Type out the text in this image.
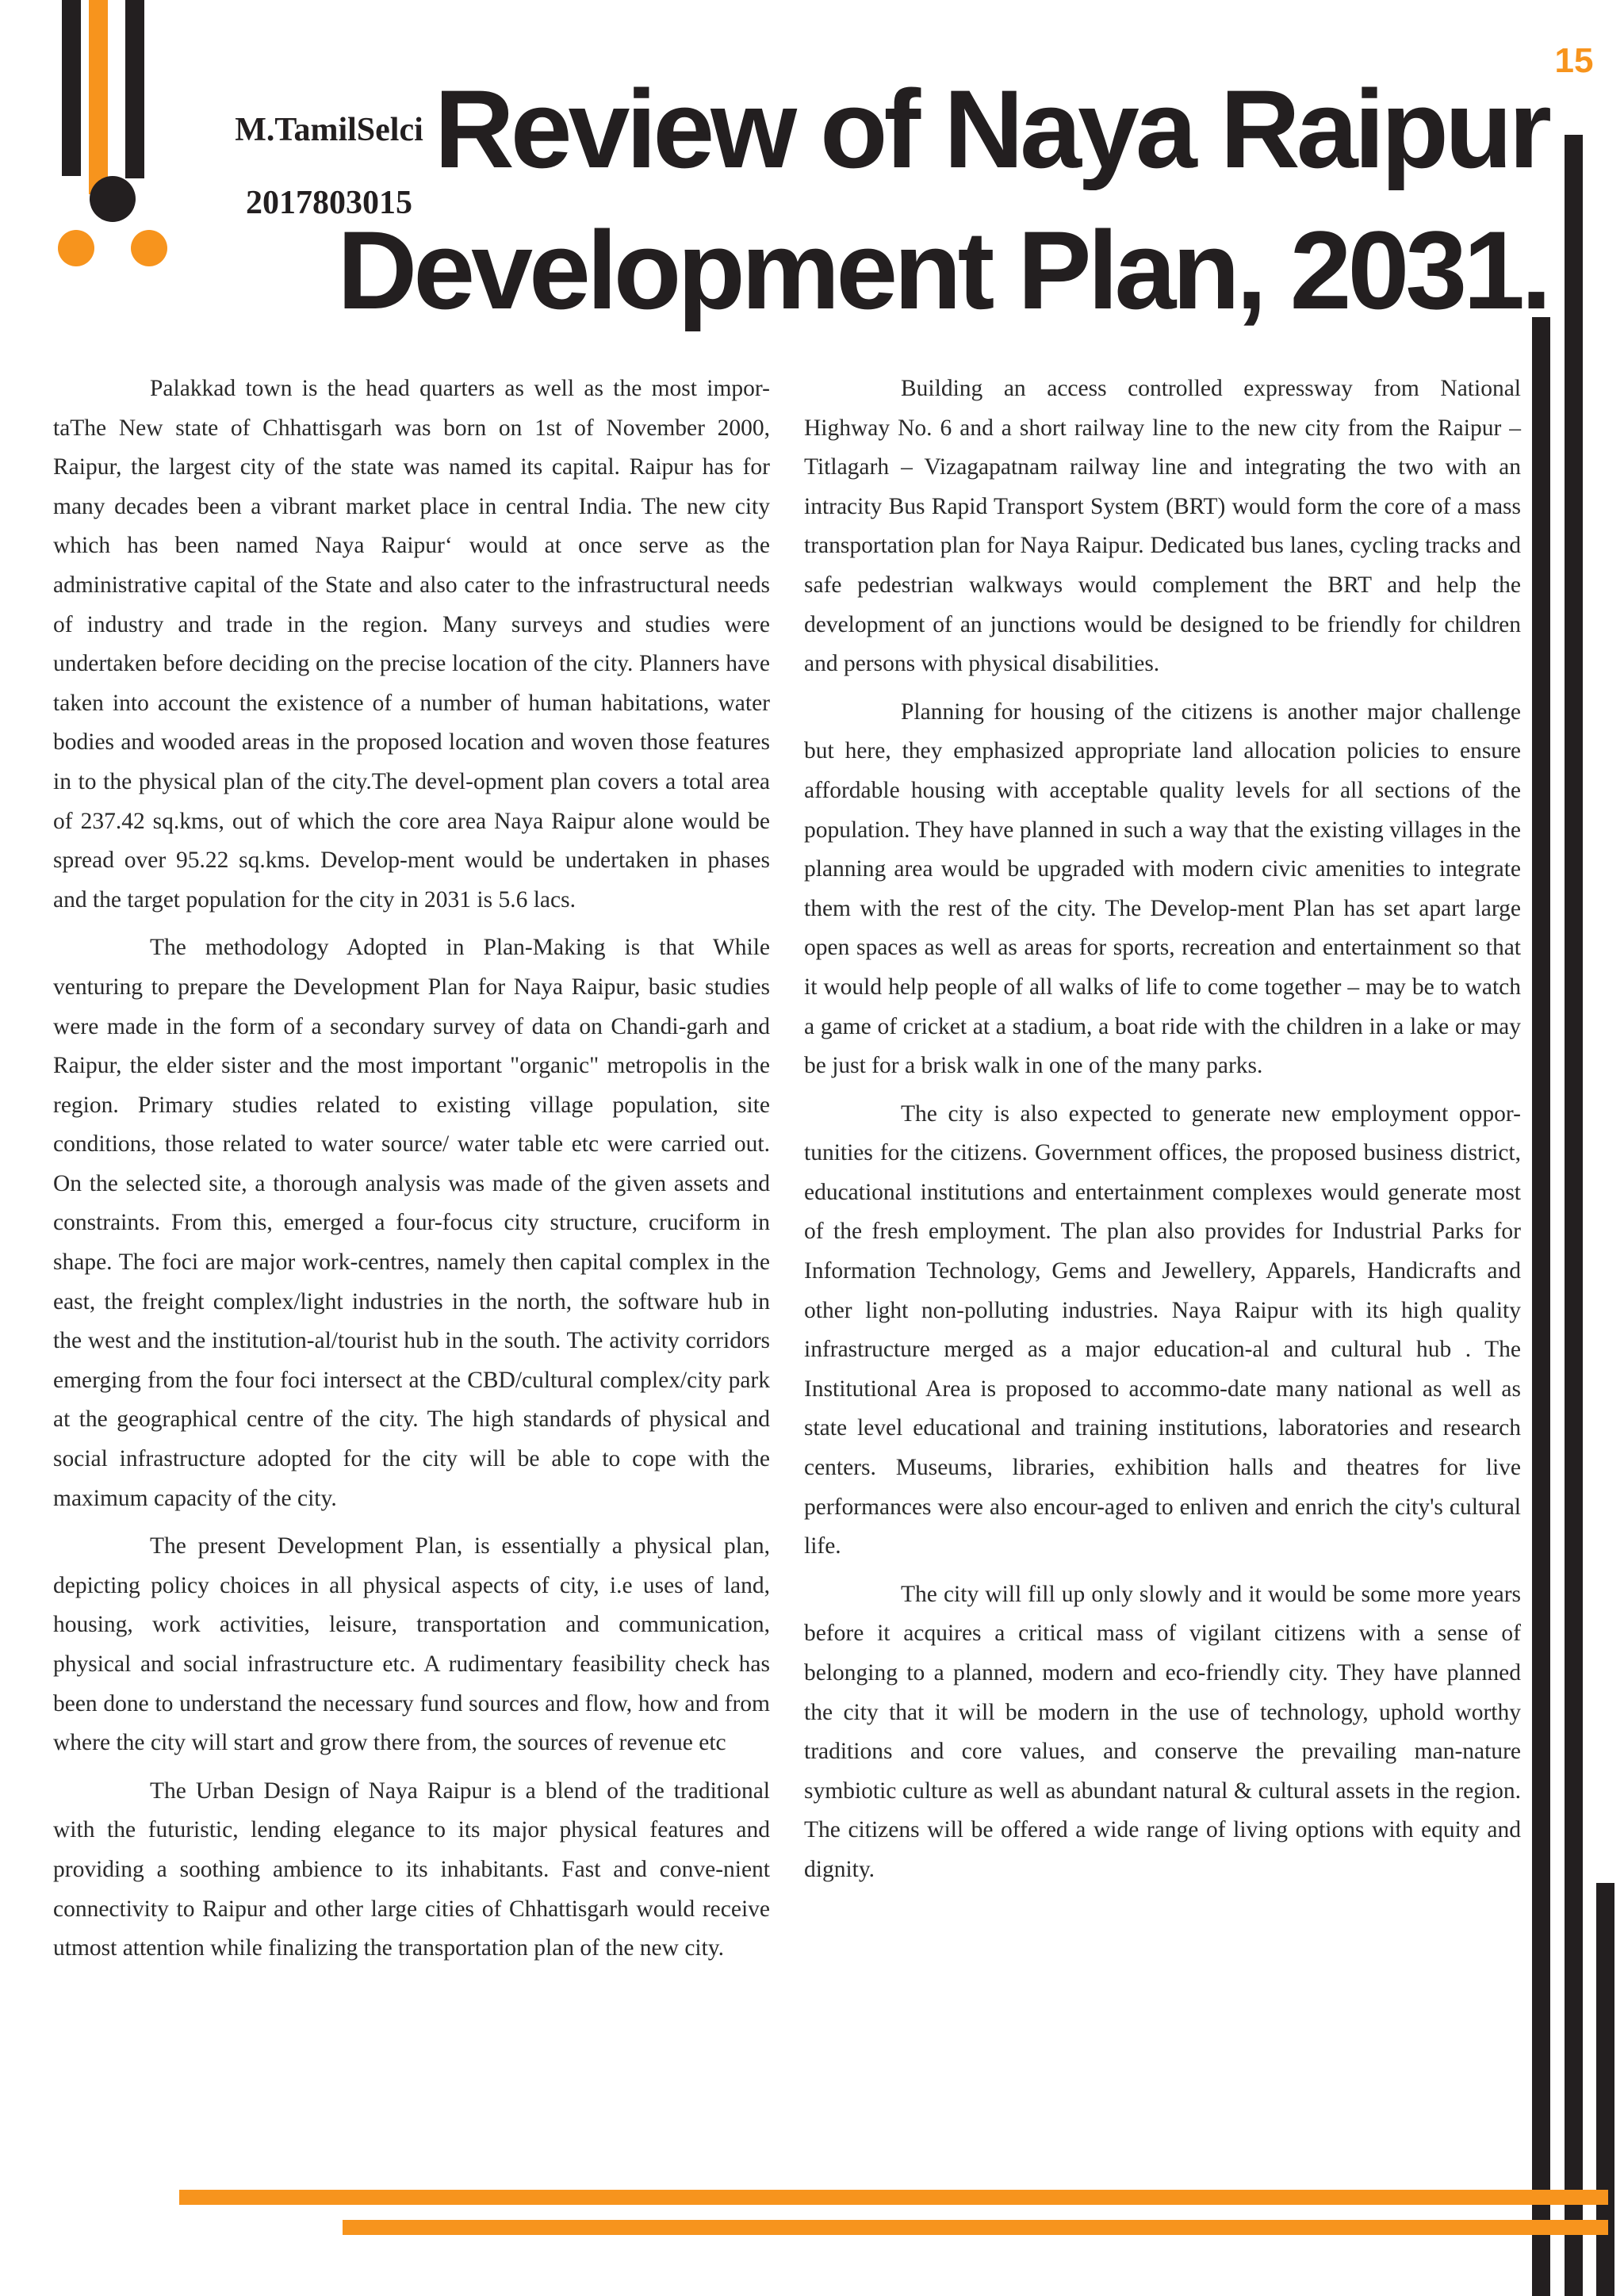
15
M.TamilSelci
2017803015
Review of Naya Raipur
Development Plan, 2031.

Palakkad town is the head quarters as well as the most impor-taThe New state of Chhattisgarh was born on 1st of November 2000, Raipur, the largest city of the state was named its capital. Raipur has for many decades been a vibrant market place in central India. The new city which has been named Naya Raipur‘ would at once serve as the administrative capital of the State and also cater to the infrastructural needs of industry and trade in the region. Many surveys and studies were undertaken before deciding on the precise location of the city. Planners have taken into account the existence of a number of human habitations, water bodies and wooded areas in the proposed location and woven those features in to the physical plan of the city.The devel-opment plan covers a total area of 237.42 sq.kms, out of which the core area Naya Raipur alone would be spread over 95.22 sq.kms. Develop-ment would be undertaken in phases and the target population for the city in 2031 is 5.6 lacs.

The methodology Adopted in Plan-Making is that While venturing to prepare the Development Plan for Naya Raipur, basic studies were made in the form of a secondary survey of data on Chandi-garh and Raipur, the elder sister and the most important "organic" metropolis in the region. Primary studies related to existing village population, site conditions, those related to water source/ water table etc were carried out. On the selected site, a thorough analysis was made of the given assets and constraints. From this, emerged a four-focus city structure, cruciform in shape. The foci are major work-centres, namely then capital complex in the east, the freight complex/light industries in the north, the software hub in the west and the institution-al/tourist hub in the south. The activity corridors emerging from the four foci intersect at the CBD/cultural complex/city park at the geographical centre of the city. The high standards of physical and social infrastructure adopted for the city will be able to cope with the maximum capacity of the city.

The present Development Plan, is essentially a physical plan, depicting policy choices in all physical aspects of city, i.e uses of land, housing, work activities, leisure, transportation and communication, physical and social infrastructure etc. A rudimentary feasibility check has been done to understand the necessary fund sources and flow, how and from where the city will start and grow there from, the sources of revenue etc

The Urban Design of Naya Raipur is a blend of the traditional with the futuristic, lending elegance to its major physical features and providing a soothing ambience to its inhabitants. Fast and conve-nient connectivity to Raipur and other large cities of Chhattisgarh would receive utmost attention while finalizing the transportation plan of the new city.

Building an access controlled expressway from National Highway No. 6 and a short railway line to the new city from the Raipur – Titlagarh – Vizagapatnam railway line and integrating the two with an intracity Bus Rapid Transport System (BRT) would form the core of a mass transportation plan for Naya Raipur. Dedicated bus lanes, cycling tracks and safe pedestrian walkways would complement the BRT and help the development of an junctions would be designed to be friendly for children and persons with physical disabilities.

Planning for housing of the citizens is another major challenge but here, they emphasized appropriate land allocation policies to ensure affordable housing with acceptable quality levels for all sections of the population. They have planned in such a way that the existing villages in the planning area would be upgraded with modern civic amenities to integrate them with the rest of the city. The Develop-ment Plan has set apart large open spaces as well as areas for sports, recreation and entertainment so that it would help people of all walks of life to come together – may be to watch a game of cricket at a stadium, a boat ride with the children in a lake or may be just for a brisk walk in one of the many parks.

The city is also expected to generate new employment oppor-tunities for the citizens. Government offices, the proposed business district, educational institutions and entertainment complexes would generate most of the fresh employment. The plan also provides for Industrial Parks for Information Technology, Gems and Jewellery, Apparels, Handicrafts and other light non-polluting industries. Naya Raipur with its high quality infrastructure merged as a major education-al and cultural hub . The Institutional Area is proposed to accommo-date many national as well as state level educational and training institutions, laboratories and research centers. Museums, libraries, exhibition halls and theatres for live performances were also encour-aged to enliven and enrich the city's cultural life.

The city will fill up only slowly and it would be some more years before it acquires a critical mass of vigilant citizens with a sense of belonging to a planned, modern and eco-friendly city. They have planned the city that it will be modern in the use of technology, uphold worthy traditions and core values, and conserve the prevailing man-nature symbiotic culture as well as abundant natural & cultural assets in the region. The citizens will be offered a wide range of living options with equity and dignity.
